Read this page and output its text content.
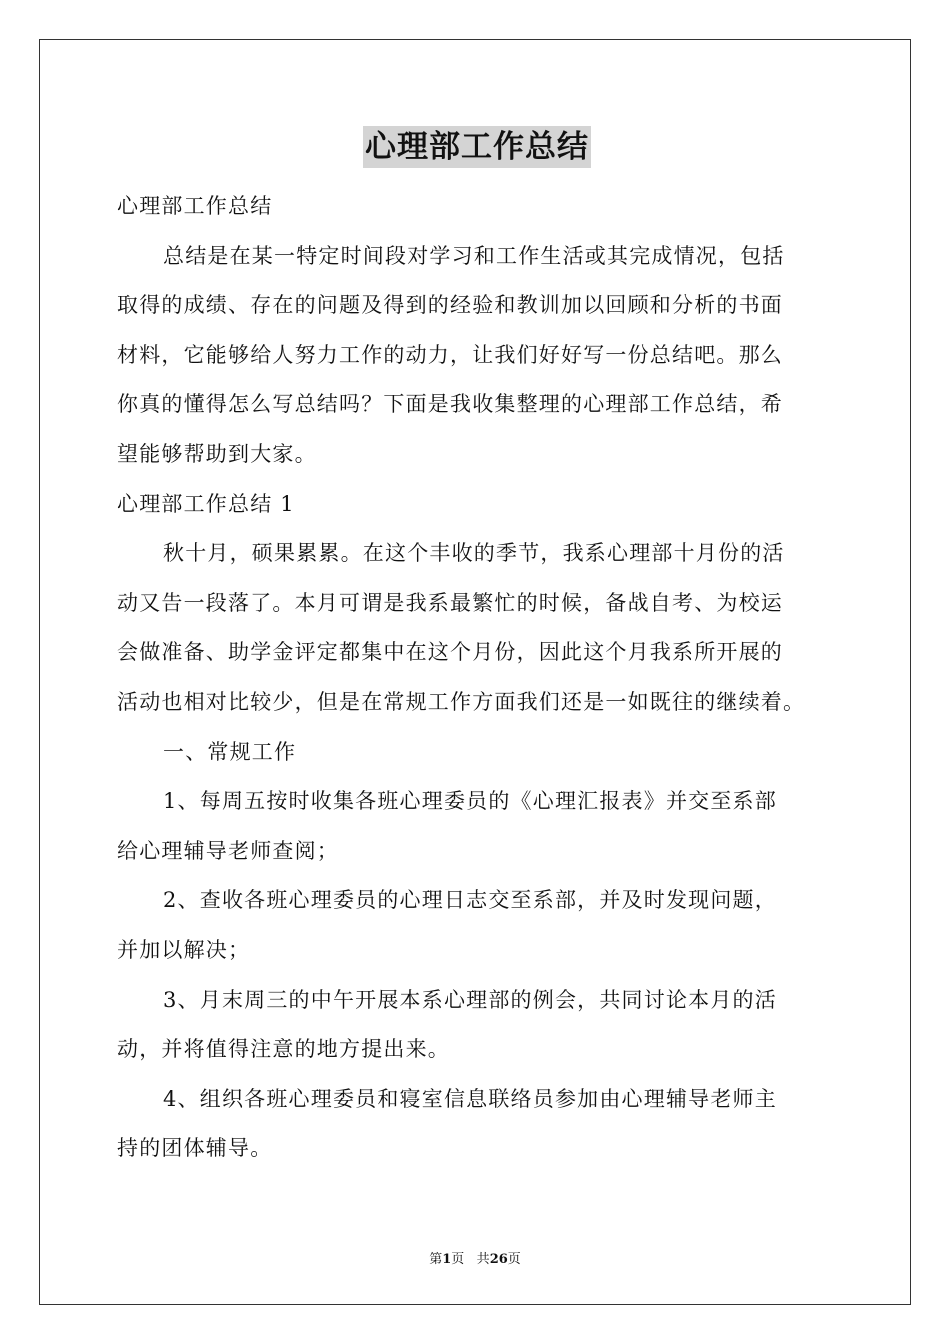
心理部工作总结

心理部工作总结

总结是在某一特定时间段对学习和工作生活或其完成情况，包括

取得的成绩、存在的问题及得到的经验和教训加以回顾和分析的书面

材料，它能够给人努力工作的动力，让我们好好写一份总结吧。那么

你真的懂得怎么写总结吗？下面是我收集整理的心理部工作总结，希

望能够帮助到大家。

心理部工作总结 1

秋十月，硕果累累。在这个丰收的季节，我系心理部十月份的活

动又告一段落了。本月可谓是我系最繁忙的时候，备战自考、为校运

会做准备、助学金评定都集中在这个月份，因此这个月我系所开展的

活动也相对比较少，但是在常规工作方面我们还是一如既往的继续着。

一、常规工作

1、每周五按时收集各班心理委员的《心理汇报表》并交至系部

给心理辅导老师查阅；

2、查收各班心理委员的心理日志交至系部，并及时发现问题，

并加以解决；

3、月末周三的中午开展本系心理部的例会，共同讨论本月的活

动，并将值得注意的地方提出来。

4、组织各班心理委员和寝室信息联络员参加由心理辅导老师主

持的团体辅导。

第1页 共26页
